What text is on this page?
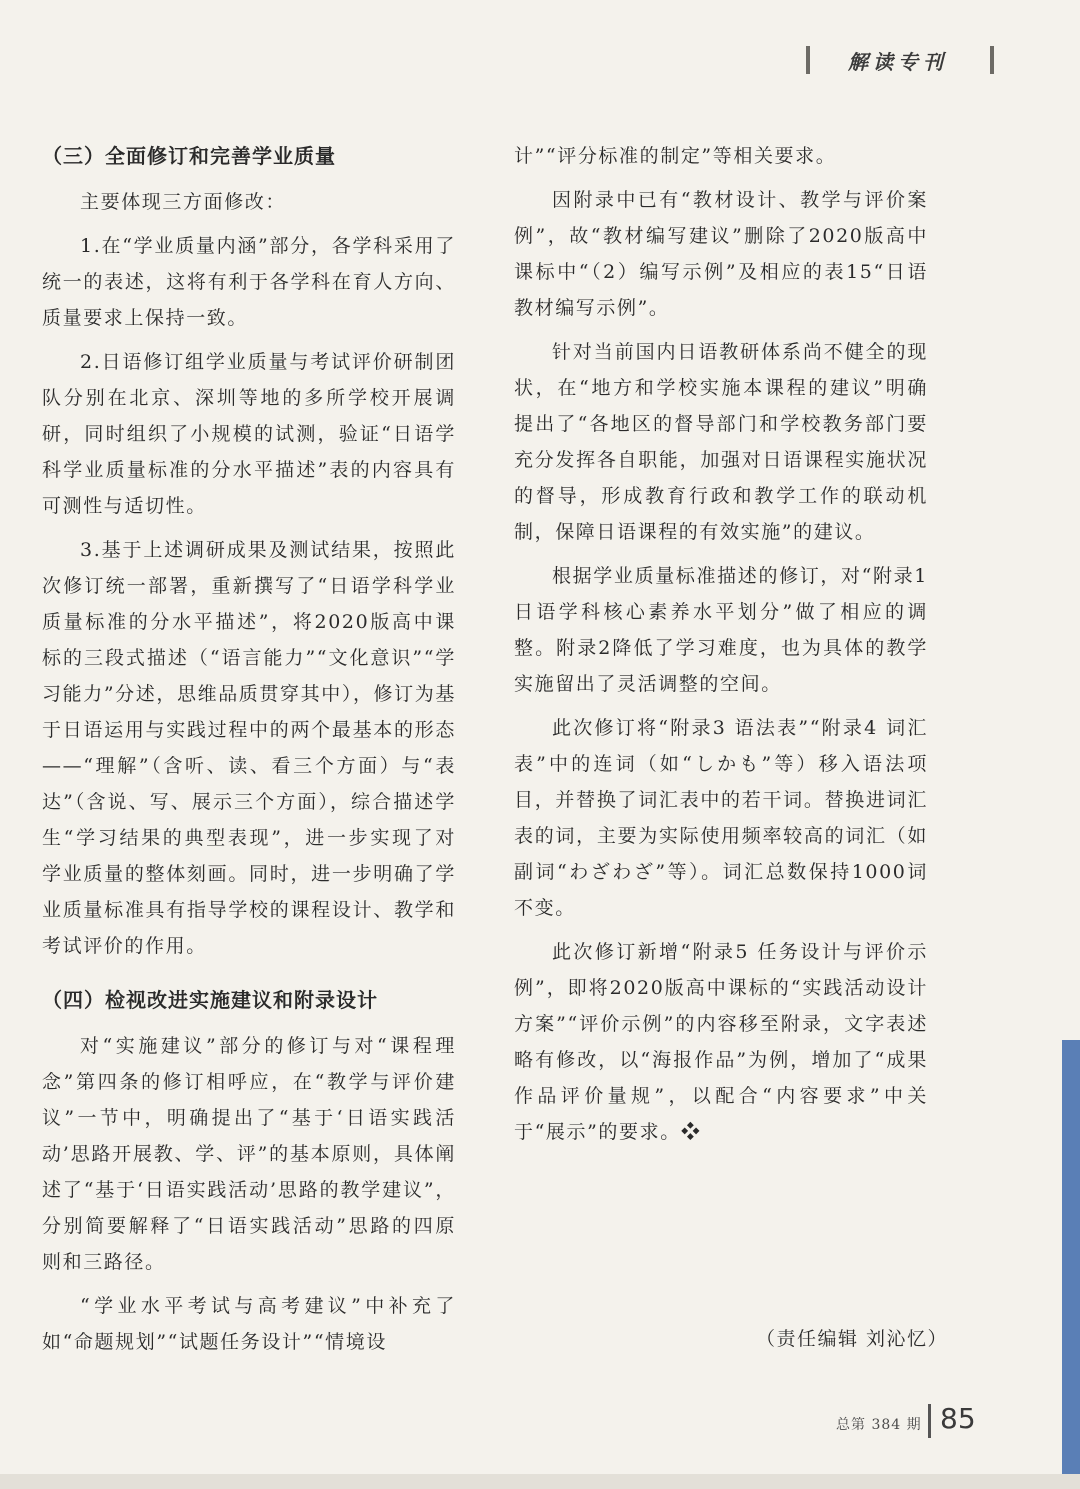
解读专刊
（三）全面修订和完善学业质量

主要体现三方面修改：

1.在“学业质量内涵”部分，各学科采用了统一的表述，这将有利于各学科在育人方向、质量要求上保持一致。

2.日语修订组学业质量与考试评价研制团队分别在北京、深圳等地的多所学校开展调研，同时组织了小规模的试测，验证“日语学科学业质量标准的分水平描述”表的内容具有可测性与适切性。

3.基于上述调研成果及测试结果，按照此次修订统一部署，重新撰写了“日语学科学业质量标准的分水平描述”，将2020版高中课标的三段式描述（“语言能力”“文化意识”“学习能力”分述，思维品质贯穿其中），修订为基于日语运用与实践过程中的两个最基本的形态——“理解”（含听、读、看三个方面）与“表达”（含说、写、展示三个方面），综合描述学生“学习结果的典型表现”，进一步实现了对学业质量的整体刻画。同时，进一步明确了学业质量标准具有指导学校的课程设计、教学和考试评价的作用。

（四）检视改进实施建议和附录设计

对“实施建议”部分的修订与对“课程理念”第四条的修订相呼应，在“教学与评价建议”一节中，明确提出了“基于‘日语实践活动’思路开展教、学、评”的基本原则，具体阐述了“基于‘日语实践活动’思路的教学建议”，分别简要解释了“日语实践活动”思路的四原则和三路径。

“学业水平考试与高考建议”中补充了如“命题规划”“试题任务设计”“情境设

计”“评分标准的制定”等相关要求。

因附录中已有“教材设计、教学与评价案例”，故“教材编写建议”删除了2020版高中课标中“（2）编写示例”及相应的表15“日语教材编写示例”。

针对当前国内日语教研体系尚不健全的现状，在“地方和学校实施本课程的建议”明确提出了“各地区的督导部门和学校教务部门要充分发挥各自职能，加强对日语课程实施状况的督导，形成教育行政和教学工作的联动机制，保障日语课程的有效实施”的建议。

根据学业质量标准描述的修订，对“附录1 日语学科核心素养水平划分”做了相应的调整。附录2降低了学习难度，也为具体的教学实施留出了灵活调整的空间。

此次修订将“附录3 语法表”“附录4 词汇表”中的连词（如“しかも”等）移入语法项目，并替换了词汇表中的若干词。替换进词汇表的词，主要为实际使用频率较高的词汇（如副词“わざわざ”等）。词汇总数保持1000词不变。

此次修订新增“附录5 任务设计与评价示例”，即将2020版高中课标的“实践活动设计方案”“评价示例”的内容移至附录，文字表述略有修改，以“海报作品”为例，增加了“成果作品评价量规”，以配合“内容要求”中关于“展示”的要求。❖

（责任编辑 刘沁忆）
总第 384 期 85
